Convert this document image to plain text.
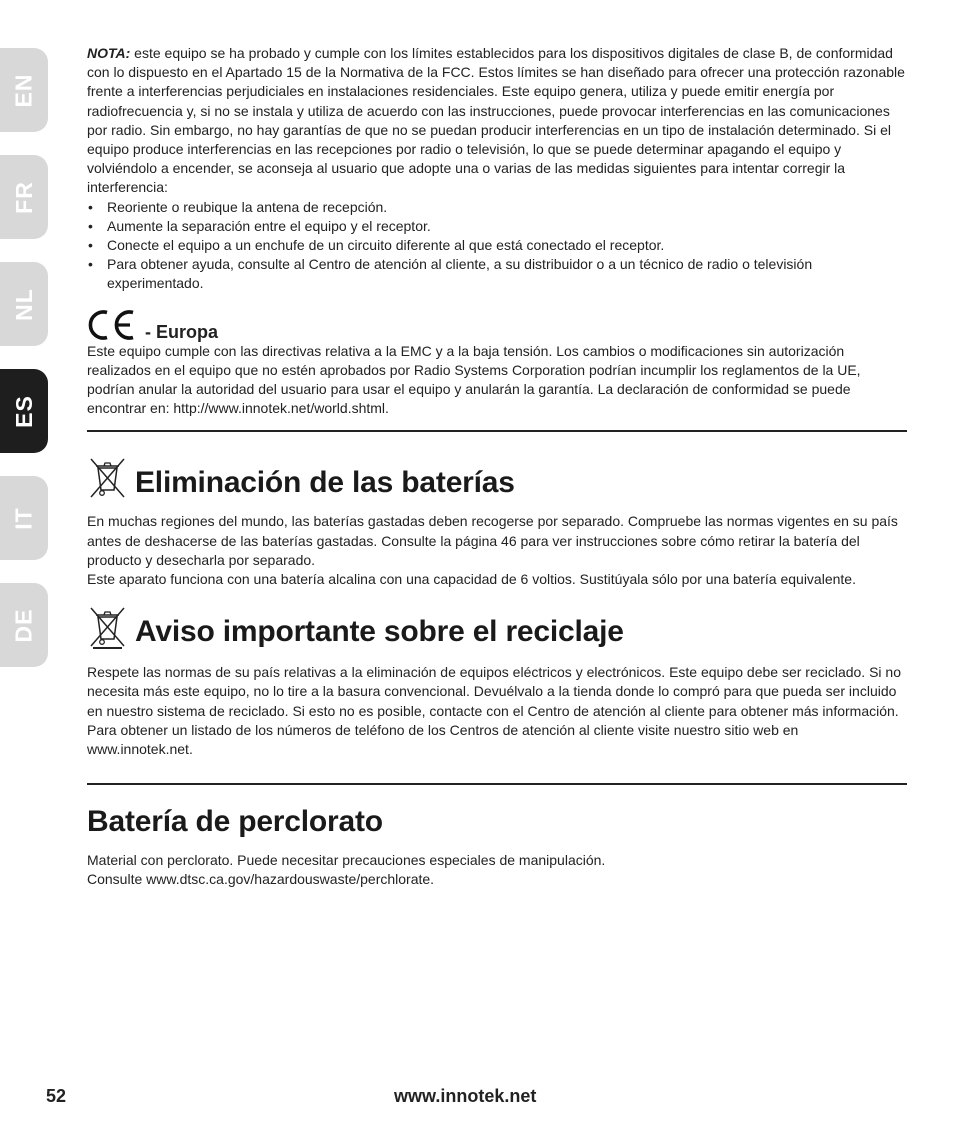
EN
FR
NL
ES
IT
DE

NOTA: este equipo se ha probado y cumple con los límites establecidos para los dispositivos digitales de clase B, de conformidad con lo dispuesto en el Apartado 15 de la Normativa de la FCC. Estos límites se han diseñado para ofrecer una protección razonable frente a interferencias perjudiciales en instalaciones residenciales. Este equipo genera, utiliza y puede emitir energía por radiofrecuencia y, si no se instala y utiliza de acuerdo con las instrucciones, puede provocar interferencias en las comunicaciones por radio. Sin embargo, no hay garantías de que no se puedan producir interferencias en un tipo de instalación determinado. Si el equipo produce interferencias en las recepciones por radio o televisión, lo que se puede determinar apagando el equipo y volviéndolo a encender, se aconseja al usuario que adopte una o varias de las medidas siguientes para intentar corregir la interferencia:

• Reoriente o reubique la antena de recepción.
• Aumente la separación entre el equipo y el receptor.
• Conecte el equipo a un enchufe de un circuito diferente al que está conectado el receptor.
• Para obtener ayuda, consulte al Centro de atención al cliente, a su distribuidor o a un técnico de radio o televisión experimentado.
- Europa

Este equipo cumple con las directivas relativa a la EMC y a la baja tensión. Los cambios o modificaciones sin autorización realizados en el equipo que no estén aprobados por Radio Systems Corporation podrían incumplir los reglamentos de la UE, podrían anular la autoridad del usuario para usar el equipo y anularán la garantía. La declaración de conformidad se puede encontrar en: http://www.innotek.net/world.shtml.

Eliminación de las baterías

En muchas regiones del mundo, las baterías gastadas deben recogerse por separado. Compruebe las normas vigentes en su país antes de deshacerse de las baterías gastadas. Consulte la página 46 para ver instrucciones sobre cómo retirar la batería del producto y desecharla por separado.

Este aparato funciona con una batería alcalina con una capacidad de 6 voltios. Sustitúyala sólo por una batería equivalente.

Aviso importante sobre el reciclaje

Respete las normas de su país relativas a la eliminación de equipos eléctricos y electrónicos. Este equipo debe ser reciclado. Si no necesita más este equipo, no lo tire a la basura convencional. Devuélvalo a la tienda donde lo compró para que pueda ser incluido en nuestro sistema de reciclado. Si esto no es posible, contacte con el Centro de atención al cliente para obtener más información. Para obtener un listado de los números de teléfono de los Centros de atención al cliente visite nuestro sitio web en www.innotek.net.

Batería de perclorato

Material con perclorato. Puede necesitar precauciones especiales de manipulación.

Consulte www.dtsc.ca.gov/hazardouswaste/perchlorate.

52	www.innotek.net
